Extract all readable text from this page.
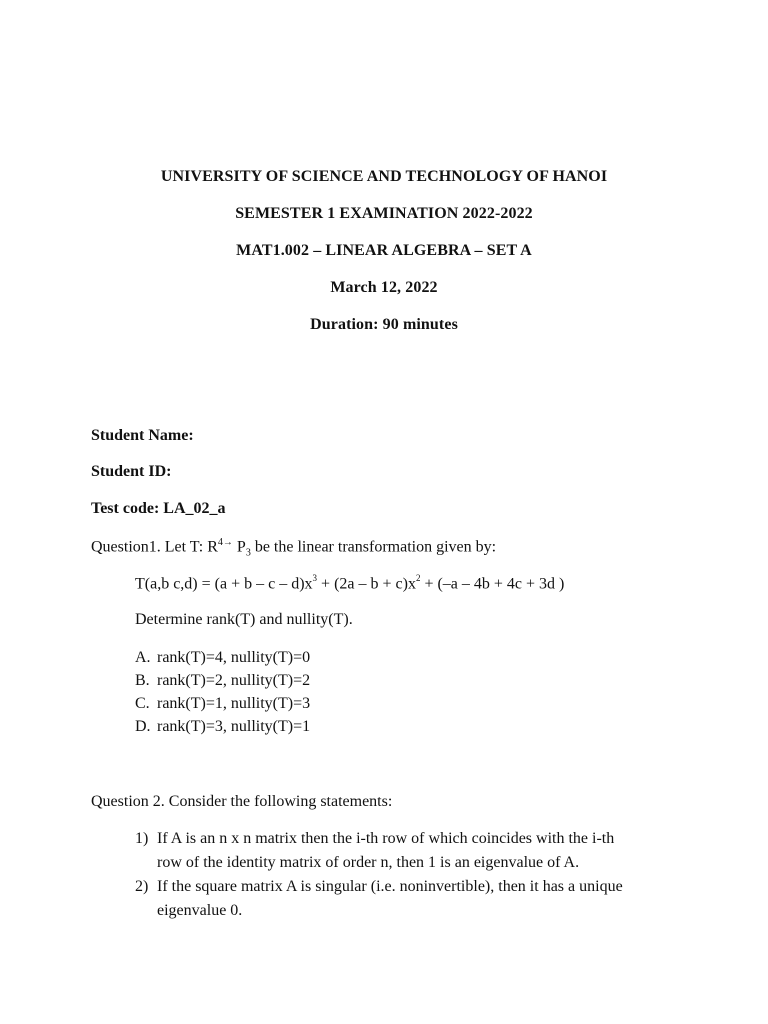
UNIVERSITY OF SCIENCE AND TECHNOLOGY OF HANOI
SEMESTER 1 EXAMINATION 2022-2022
MAT1.002 – LINEAR ALGEBRA – SET A
March 12, 2022
Duration: 90 minutes
Student Name:
Student ID:
Test code: LA_02_a
Question1. Let T: $R^{4\to}$ $P_3$ be the linear transformation given by:
T(a,b $c,d) = (a + b - c - d)x^3 + (2a - b + c)x^2 + (-a - 4b + 4c + 3d$ )
Determine rank(T) and nullity(T).
A. rank(T)=4, nullity(T)=0
B. rank(T)=2, nullity(T)=2
C. rank(T)=1, nullity(T)=3
D. rank(T)=3, nullity(T)=1
Question 2. Consider the following statements:
1) If A is an n x n matrix then the i-th row of which coincides with the i-th
row of the identity matrix of order n, then 1 is an eigenvalue of A.
2) If the square matrix A is singular (i.e. noninvertible), then it has a unique
eigenvalue 0.
